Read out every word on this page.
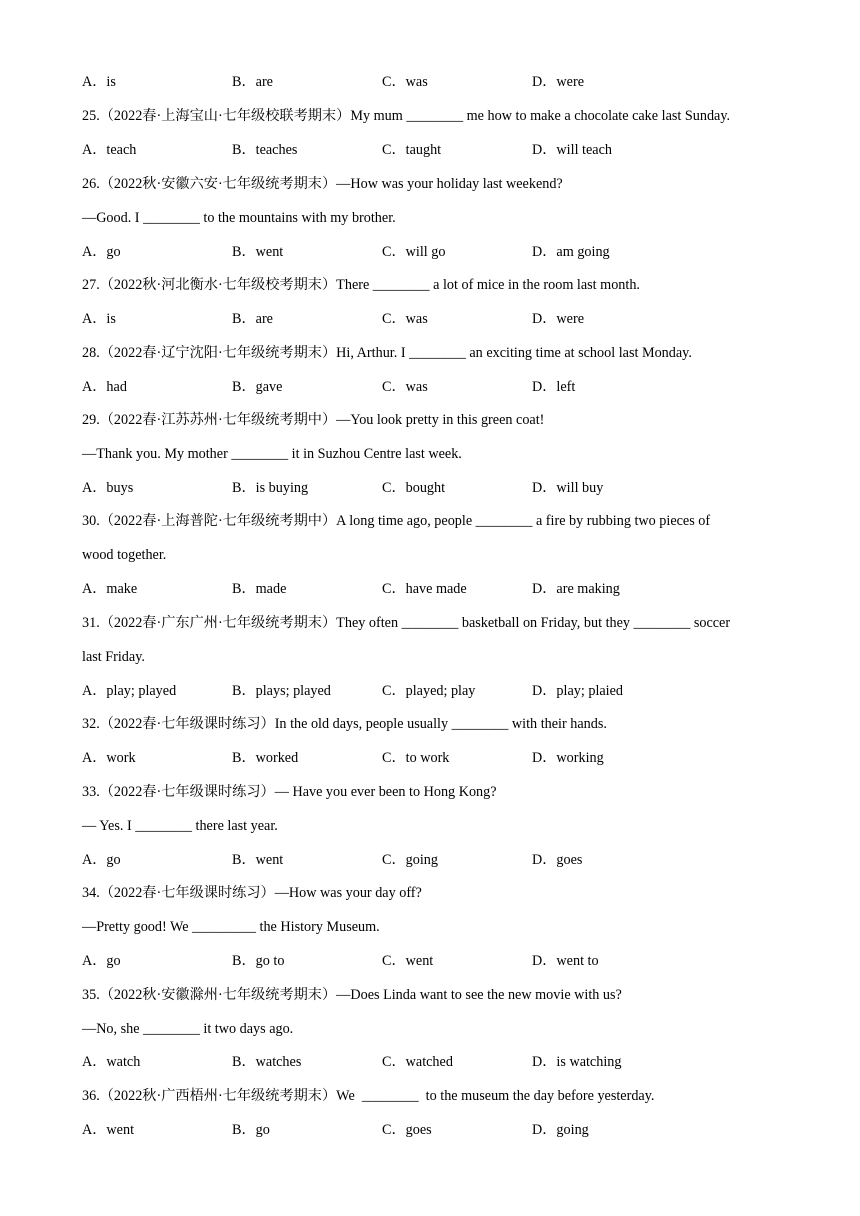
A．is	B．are	C．was	D．were
25.（2022春·上海宝山·七年级校联考期末）My mum ________ me how to make a chocolate cake last Sunday.
A．teach	B．teaches	C．taught	D．will teach
26.（2022秋·安徽六安·七年级统考期末）—How was your holiday last weekend?
—Good. I ________ to the mountains with my brother.
A．go	B．went	C．will go	D．am going
27.（2022秋·河北衡水·七年级校考期末）There ________ a lot of mice in the room last month.
A．is	B．are	C．was	D．were
28.（2022春·辽宁沈阳·七年级统考期末）Hi, Arthur. I ________ an exciting time at school last Monday.
A．had	B．gave	C．was	D．left
29.（2022春·江苏苏州·七年级统考期中）—You look pretty in this green coat!
—Thank you. My mother ________ it in Suzhou Centre last week.
A．buys	B．is buying	C．bought	D．will buy
30.（2022春·上海普陀·七年级统考期中）A long time ago, people ________ a fire by rubbing two pieces of
wood together.
A．make	B．made	C．have made	D．are making
31.（2022春·广东广州·七年级统考期末）They often ________ basketball on Friday, but they ________ soccer
last Friday.
A．play; played	B．plays; played	C．played; play	D．play; plaied
32.（2022春·七年级课时练习）In the old days, people usually ________ with their hands.
A．work	B．worked	C．to work	D．working
33.（2022春·七年级课时练习）— Have you ever been to Hong Kong?
— Yes. I ________ there last year.
A．go	B．went	C．going	D．goes
34.（2022春·七年级课时练习）—How was your day off?
—Pretty good! We _________ the History Museum.
A．go	B．go to	C．went	D．went to
35.（2022秋·安徽滁州·七年级统考期末）—Does Linda want to see the new movie with us?
—No, she ________ it two days ago.
A．watch	B．watches	C．watched	D．is watching
36.（2022秋·广西梧州·七年级统考期末）We  ________  to the museum the day before yesterday.
A．went	B．go	C．goes	D．going
